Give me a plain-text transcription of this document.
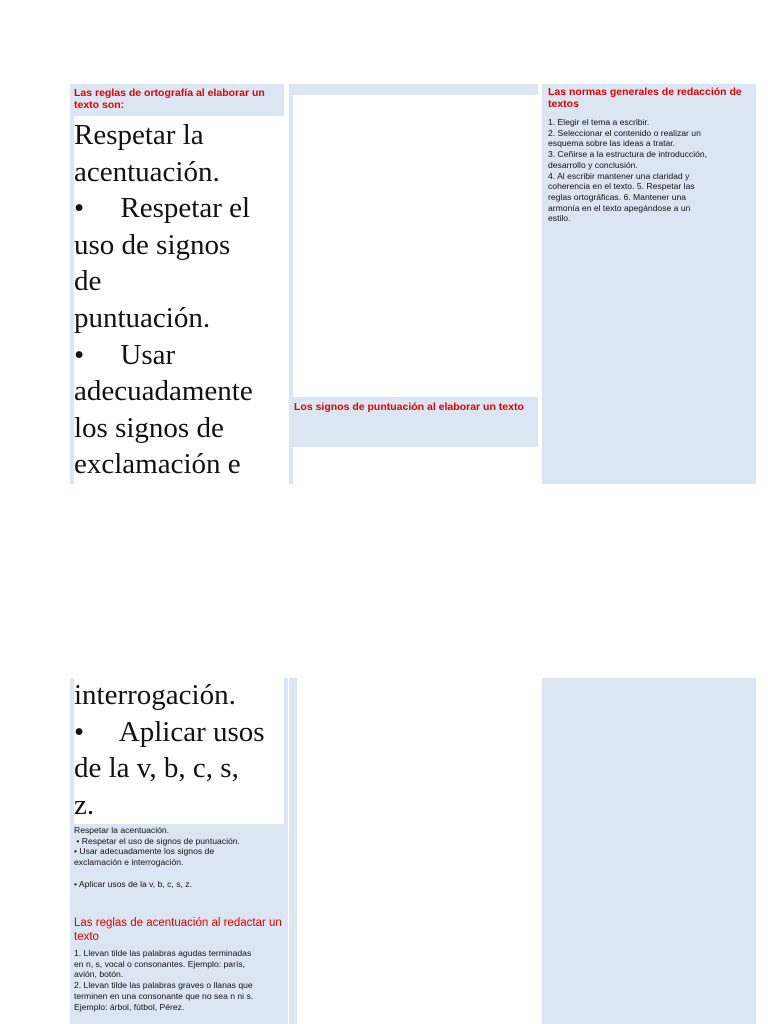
Las reglas de ortografía al elaborar un texto son:
Respetar la
acentuación.
•     Respetar el
uso de signos
de
puntuación.
•     Usar
adecuadamente
los signos de
exclamación e
Los signos de puntuación al elaborar un texto
Las normas generales de redacción de textos
1. Elegir el tema a escribir.
2. Seleccionar el contenido o realizar un
esquema sobre las ideas a tratar.
3. Ceñirse a la estructura de introducción,
desarrollo y conclusión.
4. Al escribir mantener una claridad y
coherencia en el texto. 5. Respetar las
reglas ortográficas. 6. Mantener una
armonía en el texto apegándose a un
estilo.
interrogación.
•     Aplicar usos
de la v, b, c, s,
z.
Respetar la acentuación.
• Respetar el uso de signos de puntuación.
• Usar adecuadamente los signos de
exclamación e interrogación.
• Aplicar usos de la v, b, c, s, z.
Las reglas de acentuación al redactar un texto
1. Llevan tilde las palabras agudas terminadas
en n, s, vocal o consonantes. Ejemplo: parís,
avión, botón.
2. Llevan tilde las palabras graves o llanas que
terminen en una consonante que no sea n ni s.
Ejemplo: árbol, fútbol, Pérez.
